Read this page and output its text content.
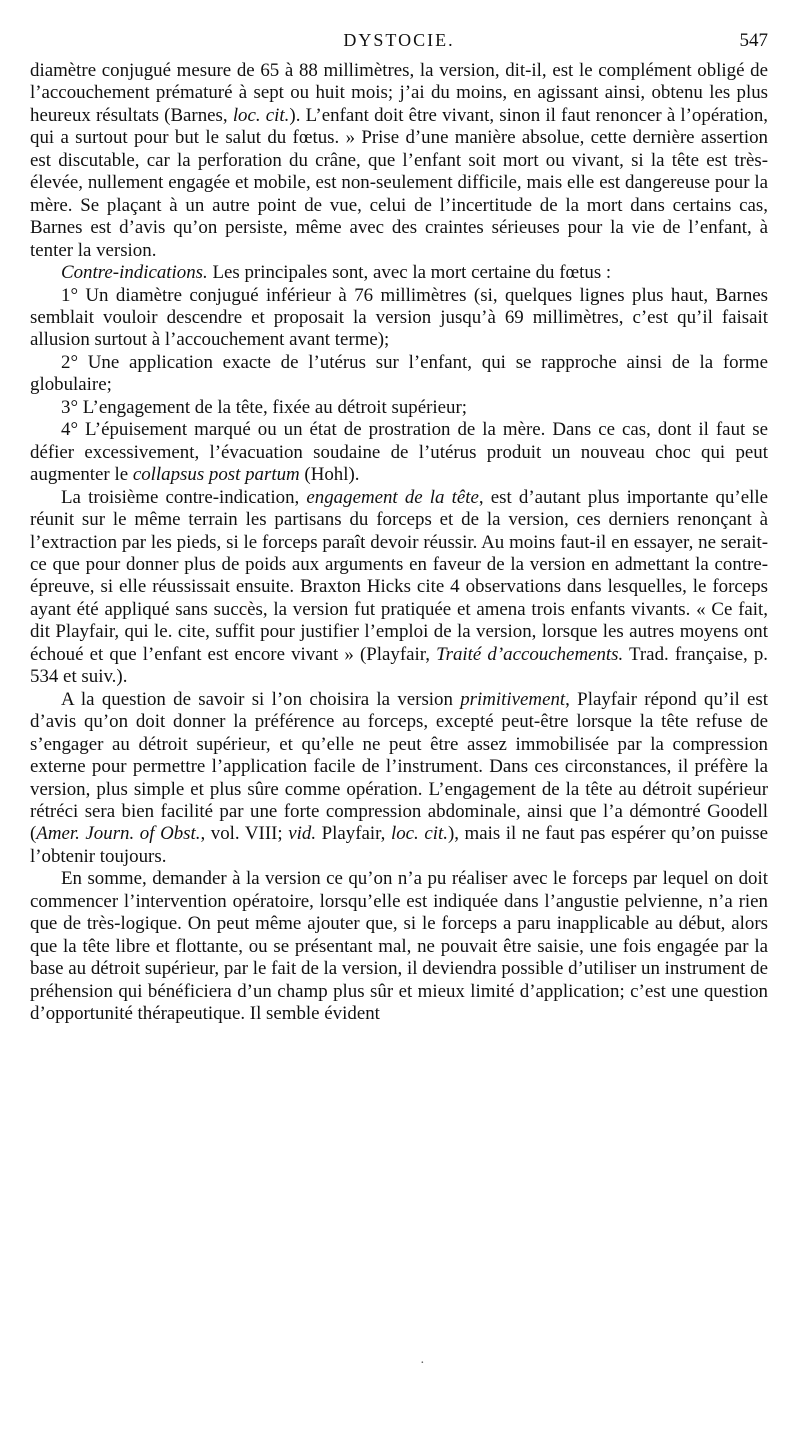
DYSTOCIE.	547

diamètre conjugué mesure de 65 à 88 millimètres, la version, dit-il, est le complément obligé de l’accouchement prématuré à sept ou huit mois; j’ai du moins, en agissant ainsi, obtenu les plus heureux résultats (Barnes, loc. cit.). L’enfant doit être vivant, sinon il faut renoncer à l’opération, qui a surtout pour but le salut du fœtus. » Prise d’une manière absolue, cette dernière assertion est discutable, car la perforation du crâne, que l’enfant soit mort ou vivant, si la tête est très-élevée, nullement engagée et mobile, est non-seulement difficile, mais elle est dangereuse pour la mère. Se plaçant à un autre point de vue, celui de l’incertitude de la mort dans certains cas, Barnes est d’avis qu’on persiste, même avec des craintes sérieuses pour la vie de l’enfant, à tenter la version.

Contre-indications. Les principales sont, avec la mort certaine du fœtus :

1° Un diamètre conjugué inférieur à 76 millimètres (si, quelques lignes plus haut, Barnes semblait vouloir descendre et proposait la version jusqu’à 69 millimètres, c’est qu’il faisait allusion surtout à l’accouchement avant terme);

2° Une application exacte de l’utérus sur l’enfant, qui se rapproche ainsi de la forme globulaire;

3° L’engagement de la tête, fixée au détroit supérieur;

4° L’épuisement marqué ou un état de prostration de la mère. Dans ce cas, dont il faut se défier excessivement, l’évacuation soudaine de l’utérus produit un nouveau choc qui peut augmenter le collapsus post partum (Hohl).

La troisième contre-indication, engagement de la tête, est d’autant plus importante qu’elle réunit sur le même terrain les partisans du forceps et de la version, ces derniers renonçant à l’extraction par les pieds, si le forceps paraît devoir réussir. Au moins faut-il en essayer, ne serait-ce que pour donner plus de poids aux arguments en faveur de la version en admettant la contre-épreuve, si elle réussissait ensuite. Braxton Hicks cite 4 observations dans lesquelles, le forceps ayant été appliqué sans succès, la version fut pratiquée et amena trois enfants vivants. « Ce fait, dit Playfair, qui le. cite, suffit pour justifier l’emploi de la version, lorsque les autres moyens ont échoué et que l’enfant est encore vivant » (Playfair, Traité d’accouchements. Trad. française, p. 534 et suiv.).

A la question de savoir si l’on choisira la version primitivement, Playfair répond qu’il est d’avis qu’on doit donner la préférence au forceps, excepté peut-être lorsque la tête refuse de s’engager au détroit supérieur, et qu’elle ne peut être assez immobilisée par la compression externe pour permettre l’application facile de l’instrument. Dans ces circonstances, il préfère la version, plus simple et plus sûre comme opération. L’engagement de la tête au détroit supérieur rétréci sera bien facilité par une forte compression abdominale, ainsi que l’a démontré Goodell (Amer. Journ. of Obst., vol. VIII; vid. Playfair, loc. cit.), mais il ne faut pas espérer qu’on puisse l’obtenir toujours.

En somme, demander à la version ce qu’on n’a pu réaliser avec le forceps par lequel on doit commencer l’intervention opératoire, lorsqu’elle est indiquée dans l’angustie pelvienne, n’a rien que de très-logique. On peut même ajouter que, si le forceps a paru inapplicable au début, alors que la tête libre et flottante, ou se présentant mal, ne pouvait être saisie, une fois engagée par la base au détroit supérieur, par le fait de la version, il deviendra possible d’utiliser un instrument de préhension qui bénéficiera d’un champ plus sûr et mieux limité d’application; c’est une question d’opportunité thérapeutique. Il semble évident

·
